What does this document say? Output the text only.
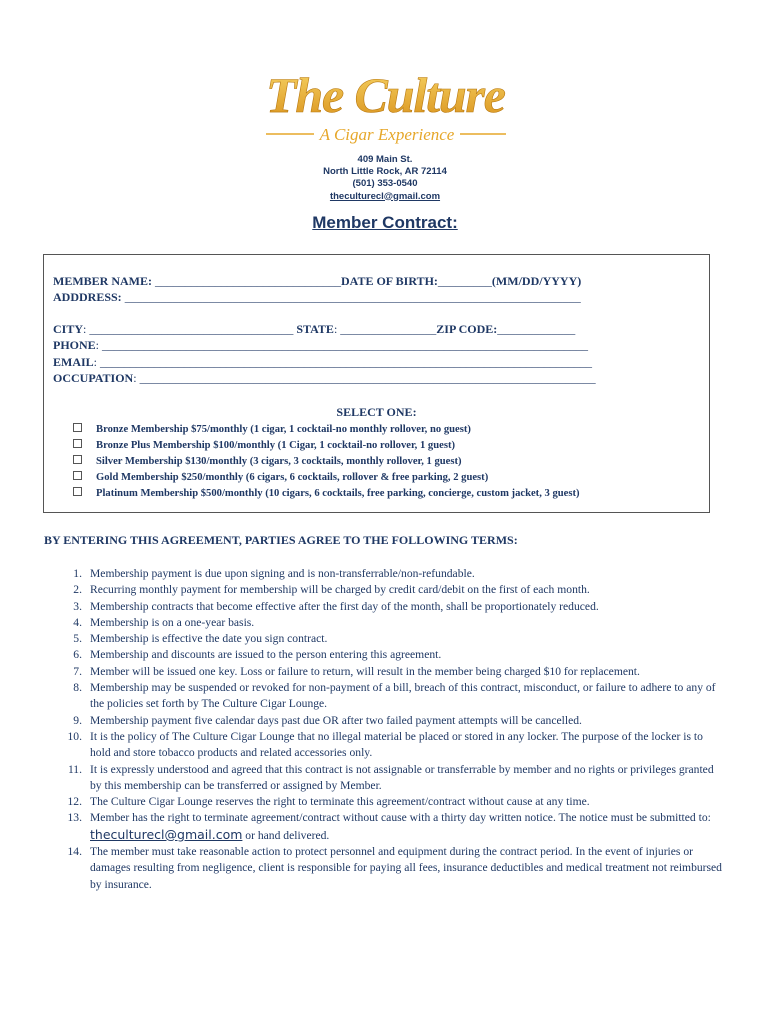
The Culture
A Cigar Experience
409 Main St.
North Little Rock, AR 72114
(501) 353-0540
theculturecl@gmail.com
Member Contract:
MEMBER NAME: _______________________________DATE OF BIRTH:_________(MM/DD/YYYY)
ADDDRESS: ____________________________________________________________________________
CITY: __________________________________ STATE: ________________ZIP CODE:_____________
PHONE: _________________________________________________________________________________
EMAIL: __________________________________________________________________________________
OCCUPATION: ____________________________________________________________________________
SELECT ONE:
Bronze Membership $75/monthly (1 cigar, 1 cocktail-no monthly rollover, no guest)
Bronze Plus Membership $100/monthly (1 Cigar, 1 cocktail-no rollover, 1 guest)
Silver Membership $130/monthly (3 cigars, 3 cocktails, monthly rollover, 1 guest)
Gold Membership $250/monthly (6 cigars, 6 cocktails, rollover & free parking, 2 guest)
Platinum Membership $500/monthly (10 cigars, 6 cocktails, free parking, concierge, custom jacket, 3 guest)
BY ENTERING THIS AGREEMENT, PARTIES AGREE TO THE FOLLOWING TERMS:
1. Membership payment is due upon signing and is non-transferrable/non-refundable.
2. Recurring monthly payment for membership will be charged by credit card/debit on the first of each month.
3. Membership contracts that become effective after the first day of the month, shall be proportionately reduced.
4. Membership is on a one-year basis.
5. Membership is effective the date you sign contract.
6. Membership and discounts are issued to the person entering this agreement.
7. Member will be issued one key. Loss or failure to return, will result in the member being charged $10 for replacement.
8. Membership may be suspended or revoked for non-payment of a bill, breach of this contract, misconduct, or failure to adhere to any of the policies set forth by The Culture Cigar Lounge.
9. Membership payment five calendar days past due OR after two failed payment attempts will be cancelled.
10. It is the policy of The Culture Cigar Lounge that no illegal material be placed or stored in any locker. The purpose of the locker is to hold and store tobacco products and related accessories only.
11. It is expressly understood and agreed that this contract is not assignable or transferrable by member and no rights or privileges granted by this membership can be transferred or assigned by Member.
12. The Culture Cigar Lounge reserves the right to terminate this agreement/contract without cause at any time.
13. Member has the right to terminate agreement/contract without cause with a thirty day written notice. The notice must be submitted to: theculturecl@gmail.com or hand delivered.
14. The member must take reasonable action to protect personnel and equipment during the contract period. In the event of injuries or damages resulting from negligence, client is responsible for paying all fees, insurance deductibles and medical treatment not reimbursed by insurance.
